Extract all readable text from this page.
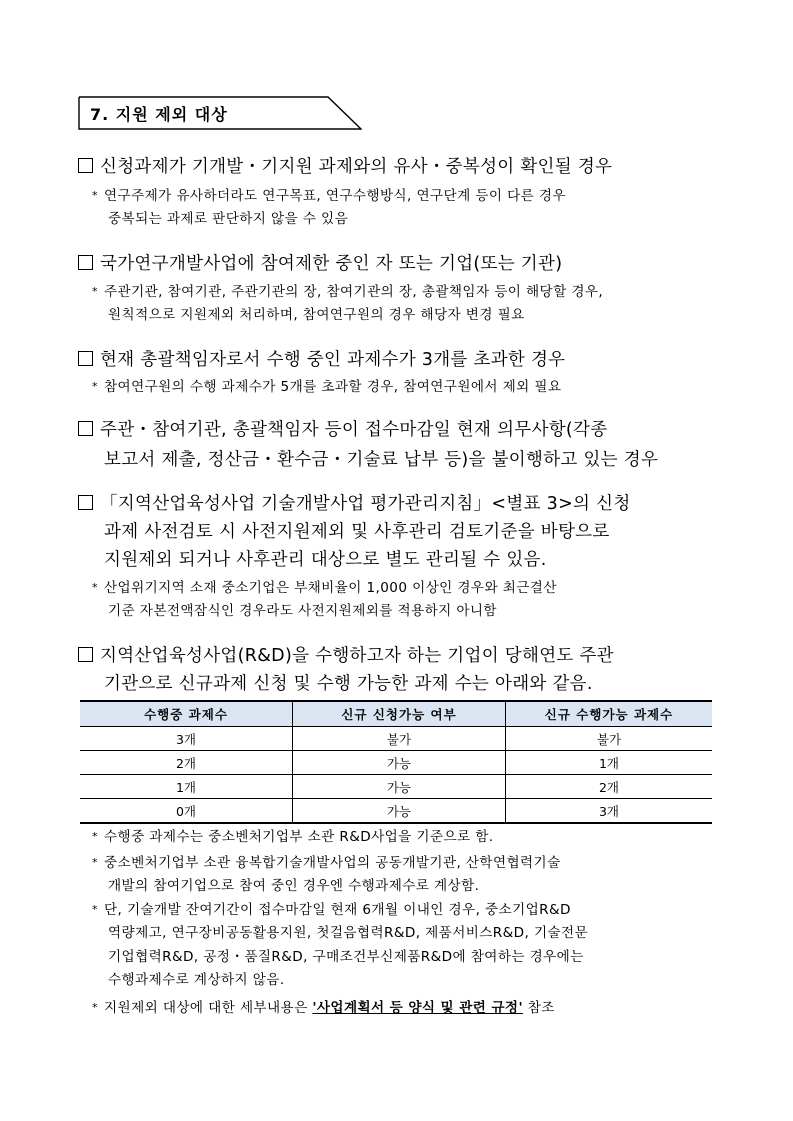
7. 지원 제외 대상
신청과제가 기개발・기지원 과제와의 유사・중복성이 확인될 경우
* 연구주제가 유사하더라도 연구목표, 연구수행방식, 연구단계 등이 다른 경우
중복되는 과제로 판단하지 않을 수 있음
국가연구개발사업에 참여제한 중인 자 또는 기업(또는 기관)
* 주관기관, 참여기관, 주관기관의 장, 참여기관의 장, 총괄책임자 등이 해당할 경우,
원칙적으로 지원제외 처리하며, 참여연구원의 경우 해당자 변경 필요
현재 총괄책임자로서 수행 중인 과제수가 3개를 초과한 경우
* 참여연구원의 수행 과제수가 5개를 초과할 경우, 참여연구원에서 제외 필요
주관・참여기관, 총괄책임자 등이 접수마감일 현재 의무사항(각종
보고서 제출, 정산금・환수금・기술료 납부 등)을 불이행하고 있는 경우
「지역산업육성사업 기술개발사업 평가관리지침」<별표 3>의 신청
과제 사전검토 시 사전지원제외 및 사후관리 검토기준을 바탕으로
지원제외 되거나 사후관리 대상으로 별도 관리될 수 있음.
* 산업위기지역 소재 중소기업은 부채비율이 1,000 이상인 경우와 최근결산
기준 자본전액잠식인 경우라도 사전지원제외를 적용하지 아니함
지역산업육성사업(R&D)을 수행하고자 하는 기업이 당해연도 주관
기관으로 신규과제 신청 및 수행 가능한 과제 수는 아래와 같음.
수행중 과제수	신규 신청가능 여부	신규 수행가능 과제수
3개	불가	불가
2개	가능	1개
1개	가능	2개
0개	가능	3개
* 수행중 과제수는 중소벤처기업부 소관 R&D사업을 기준으로 함.
* 중소벤처기업부 소관 융복합기술개발사업의 공동개발기관, 산학연협력기술
개발의 참여기업으로 참여 중인 경우엔 수행과제수로 계상함.
* 단, 기술개발 잔여기간이 접수마감일 현재 6개월 이내인 경우, 중소기업R&D
역량제고, 연구장비공동활용지원, 첫걸음협력R&D, 제품서비스R&D, 기술전문
기업협력R&D, 공정・품질R&D, 구매조건부신제품R&D에 참여하는 경우에는
수행과제수로 계상하지 않음.
* 지원제외 대상에 대한 세부내용은 '사업계획서 등 양식 및 관련 규정' 참조
